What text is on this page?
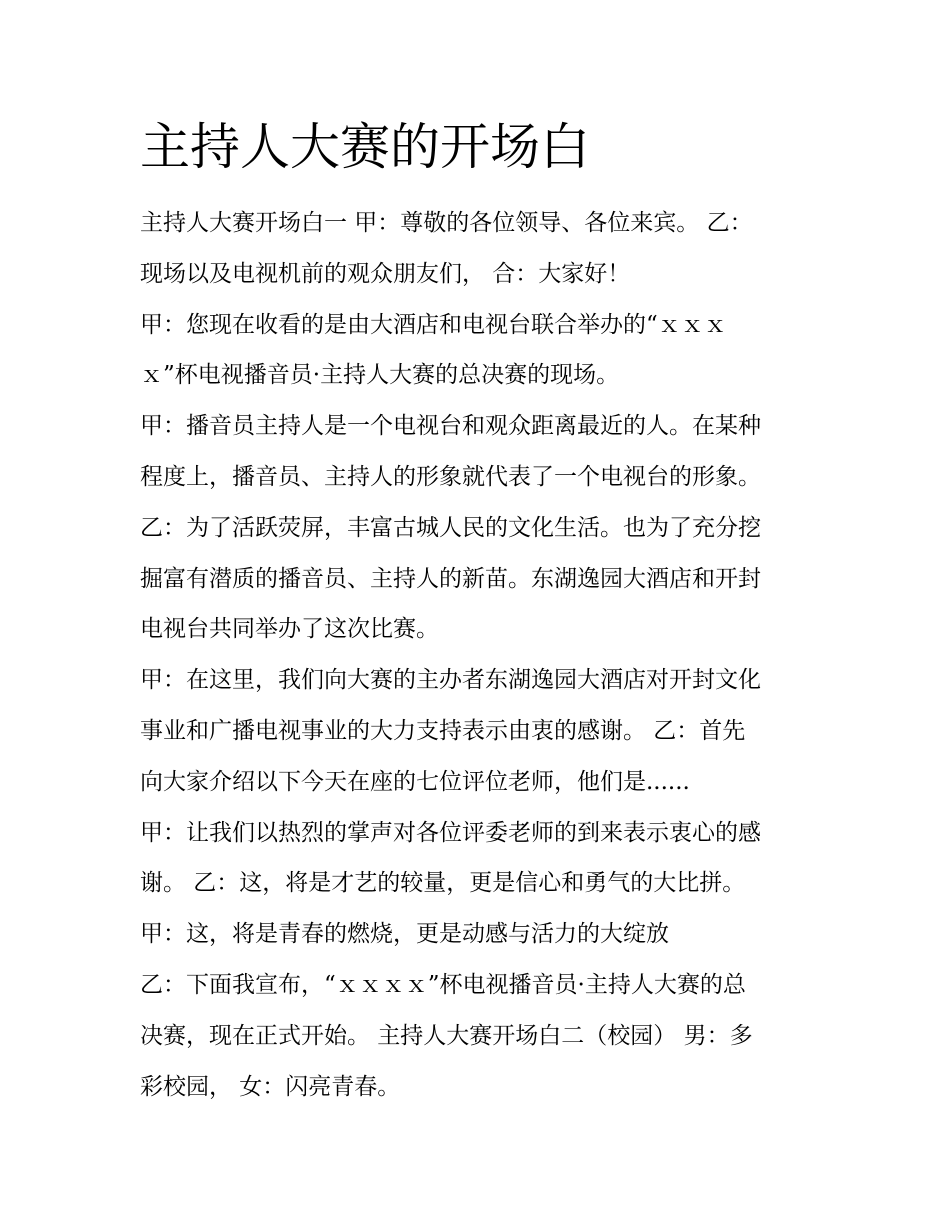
主持人大赛的开场白

主持人大赛开场白一 甲：尊敬的各位领导、各位来宾。 乙：

现场以及电视机前的观众朋友们， 合：大家好！

甲：您现在收看的是由大酒店和电视台联合举办的“ｘｘｘ

ｘ”杯电视播音员·主持人大赛的总决赛的现场。

甲：播音员主持人是一个电视台和观众距离最近的人。在某种

程度上，播音员、主持人的形象就代表了一个电视台的形象。

乙：为了活跃荧屏，丰富古城人民的文化生活。也为了充分挖

掘富有潜质的播音员、主持人的新苗。东湖逸园大酒店和开封

电视台共同举办了这次比赛。

甲：在这里，我们向大赛的主办者东湖逸园大酒店对开封文化

事业和广播电视事业的大力支持表示由衷的感谢。 乙：首先

向大家介绍以下今天在座的七位评位老师，他们是......

甲：让我们以热烈的掌声对各位评委老师的到来表示衷心的感

谢。 乙：这，将是才艺的较量，更是信心和勇气的大比拼。

甲：这，将是青春的燃烧，更是动感与活力的大绽放

乙：下面我宣布，“ｘｘｘｘ”杯电视播音员·主持人大赛的总

决赛，现在正式开始。 主持人大赛开场白二（校园） 男：多

彩校园， 女：闪亮青春。
